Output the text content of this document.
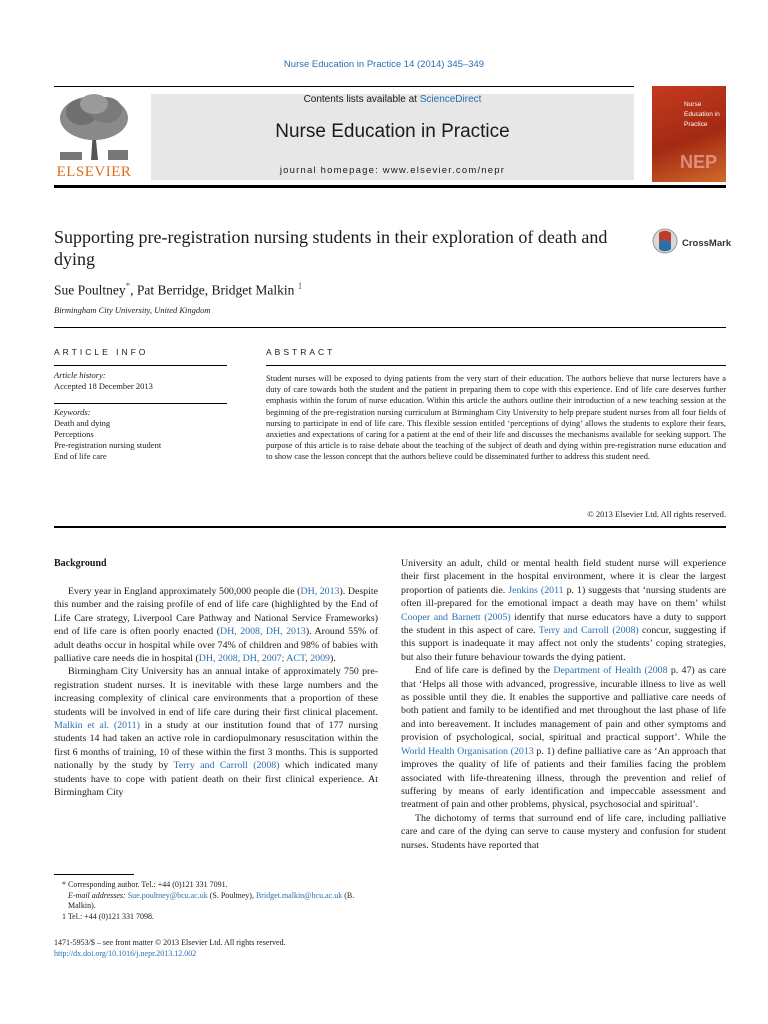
Nurse Education in Practice 14 (2014) 345–349
ELSEVIER
Contents lists available at ScienceDirect
Nurse Education in Practice
journal homepage: www.elsevier.com/nepr
Nurse
Education in
Practice
NEP
Supporting pre-registration nursing students in their exploration of death and dying
CrossMark
Sue Poultney*, Pat Berridge, Bridget Malkin $^1$
Birmingham City University, United Kingdom
ARTICLE INFO
Article history:
Accepted 18 December 2013
Keywords:
Death and dying
Perceptions
Pre-registration nursing student
End of life care
ABSTRACT
Student nurses will be exposed to dying patients from the very start of their education. The authors believe that nurse lecturers have a duty of care towards both the student and the patient in preparing them to cope with this experience. End of life care deserves further emphasis within the forum of nurse education. Within this article the authors outline their introduction of a new teaching session at the beginning of the pre-registration nursing curriculum at Birmingham City University to help prepare student nurses from all four fields of nursing to participate in end of life care. This flexible session entitled ‘perceptions of dying’ allows the students to explore their fears, anxieties and expectations of caring for a patient at the end of their life and discusses the mechanisms available for seeking support. The purpose of this article is to raise debate about the teaching of the subject of death and dying within pre-registration nurse education and to show case the lesson concept that the authors believe could be disseminated further to address this student need.
© 2013 Elsevier Ltd. All rights reserved.
Background

Every year in England approximately 500,000 people die (DH, 2013). Despite this number and the raising profile of end of life care (highlighted by the End of Life Care strategy, Liverpool Care Pathway and National Service Frameworks) end of life care is often poorly enacted (DH, 2008, DH, 2013). Around 55% of adult deaths occur in hospital while over 74% of children and 98% of babies with palliative care needs die in hospital (DH, 2008, DH, 2007; ACT, 2009).

Birmingham City University has an annual intake of approximately 750 pre-registration student nurses. It is inevitable with these large numbers and the increasing complexity of clinical care environments that a proportion of these students will be involved in end of life care during their first clinical placement. Malkin et al. (2011) in a study at our institution found that of 177 nursing students 14 had taken an active role in cardiopulmonary resuscitation within the first 6 months of training, 10 of these within the first 3 months. This is supported nationally by the study by Terry and Carroll (2008) which indicated many students have to cope with patient death on their first clinical experience. At Birmingham City

University an adult, child or mental health field student nurse will experience their first placement in the hospital environment, where it is clear the largest proportion of patients die. Jenkins (2011 p. 1) suggests that ‘nursing students are often ill-prepared for the emotional impact a death may have on them’ whilst Cooper and Barnett (2005) identify that nurse educators have a duty to support the student in this aspect of care. Terry and Carroll (2008) concur, suggesting if this support is inadequate it may affect not only the students’ coping strategies, but also their future behaviour towards the dying patient.

End of life care is defined by the Department of Health (2008 p. 47) as care that ‘Helps all those with advanced, progressive, incurable illness to live as well as possible until they die. It enables the supportive and palliative care needs of both patient and family to be identified and met throughout the last phase of life and into bereavement. It includes management of pain and other symptoms and provision of psychological, social, spiritual and practical support’. While the World Health Organisation (2013 p. 1) define palliative care as ‘An approach that improves the quality of life of patients and their families facing the problem associated with life-threatening illness, through the prevention and relief of suffering by means of early identification and impeccable assessment and treatment of pain and other problems, physical, psychosocial and spiritual’.

The dichotomy of terms that surround end of life care, including palliative care and care of the dying can serve to cause mystery and confusion for student nurses. Students have reported that

* Corresponding author. Tel.: +44 (0)121 331 7091.
E-mail addresses: Sue.poultney@bcu.ac.uk (S. Poultney), Bridget.malkin@bcu.ac.uk (B. Malkin).
1 Tel.: +44 (0)121 331 7098.
1471-5953/$ – see front matter © 2013 Elsevier Ltd. All rights reserved.
http://dx.doi.org/10.1016/j.nepr.2013.12.002
